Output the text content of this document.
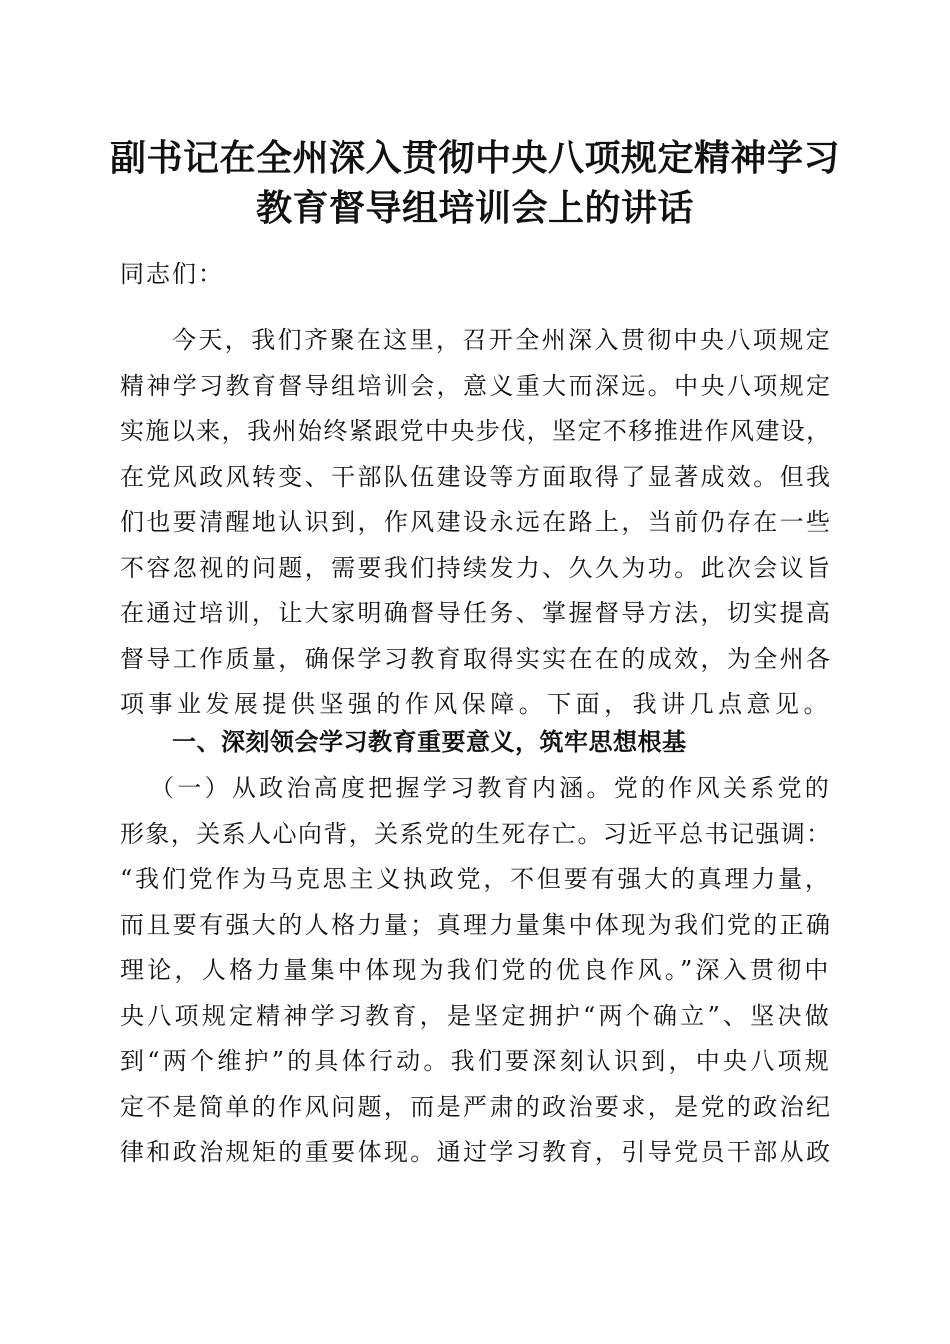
副书记在全州深入贯彻中央八项规定精神学习
教育督导组培训会上的讲话
同志们：
今天，我们齐聚在这里，召开全州深入贯彻中央八项规定
精神学习教育督导组培训会，意义重大而深远。中央八项规定
实施以来，我州始终紧跟党中央步伐，坚定不移推进作风建设，
在党风政风转变、干部队伍建设等方面取得了显著成效。但我
们也要清醒地认识到，作风建设永远在路上，当前仍存在一些
不容忽视的问题，需要我们持续发力、久久为功。此次会议旨
在通过培训，让大家明确督导任务、掌握督导方法，切实提高
督导工作质量，确保学习教育取得实实在在的成效，为全州各
项事业发展提供坚强的作风保障。下面，我讲几点意见。
一、深刻领会学习教育重要意义，筑牢思想根基
（一）从政治高度把握学习教育内涵。党的作风关系党的
形象，关系人心向背，关系党的生死存亡。习近平总书记强调：
“我们党作为马克思主义执政党，不但要有强大的真理力量，
而且要有强大的人格力量；真理力量集中体现为我们党的正确
理论，人格力量集中体现为我们党的优良作风。”深入贯彻中
央八项规定精神学习教育，是坚定拥护“两个确立”、坚决做
到“两个维护”的具体行动。我们要深刻认识到，中央八项规
定不是简单的作风问题，而是严肃的政治要求，是党的政治纪
律和政治规矩的重要体现。通过学习教育，引导党员干部从政
